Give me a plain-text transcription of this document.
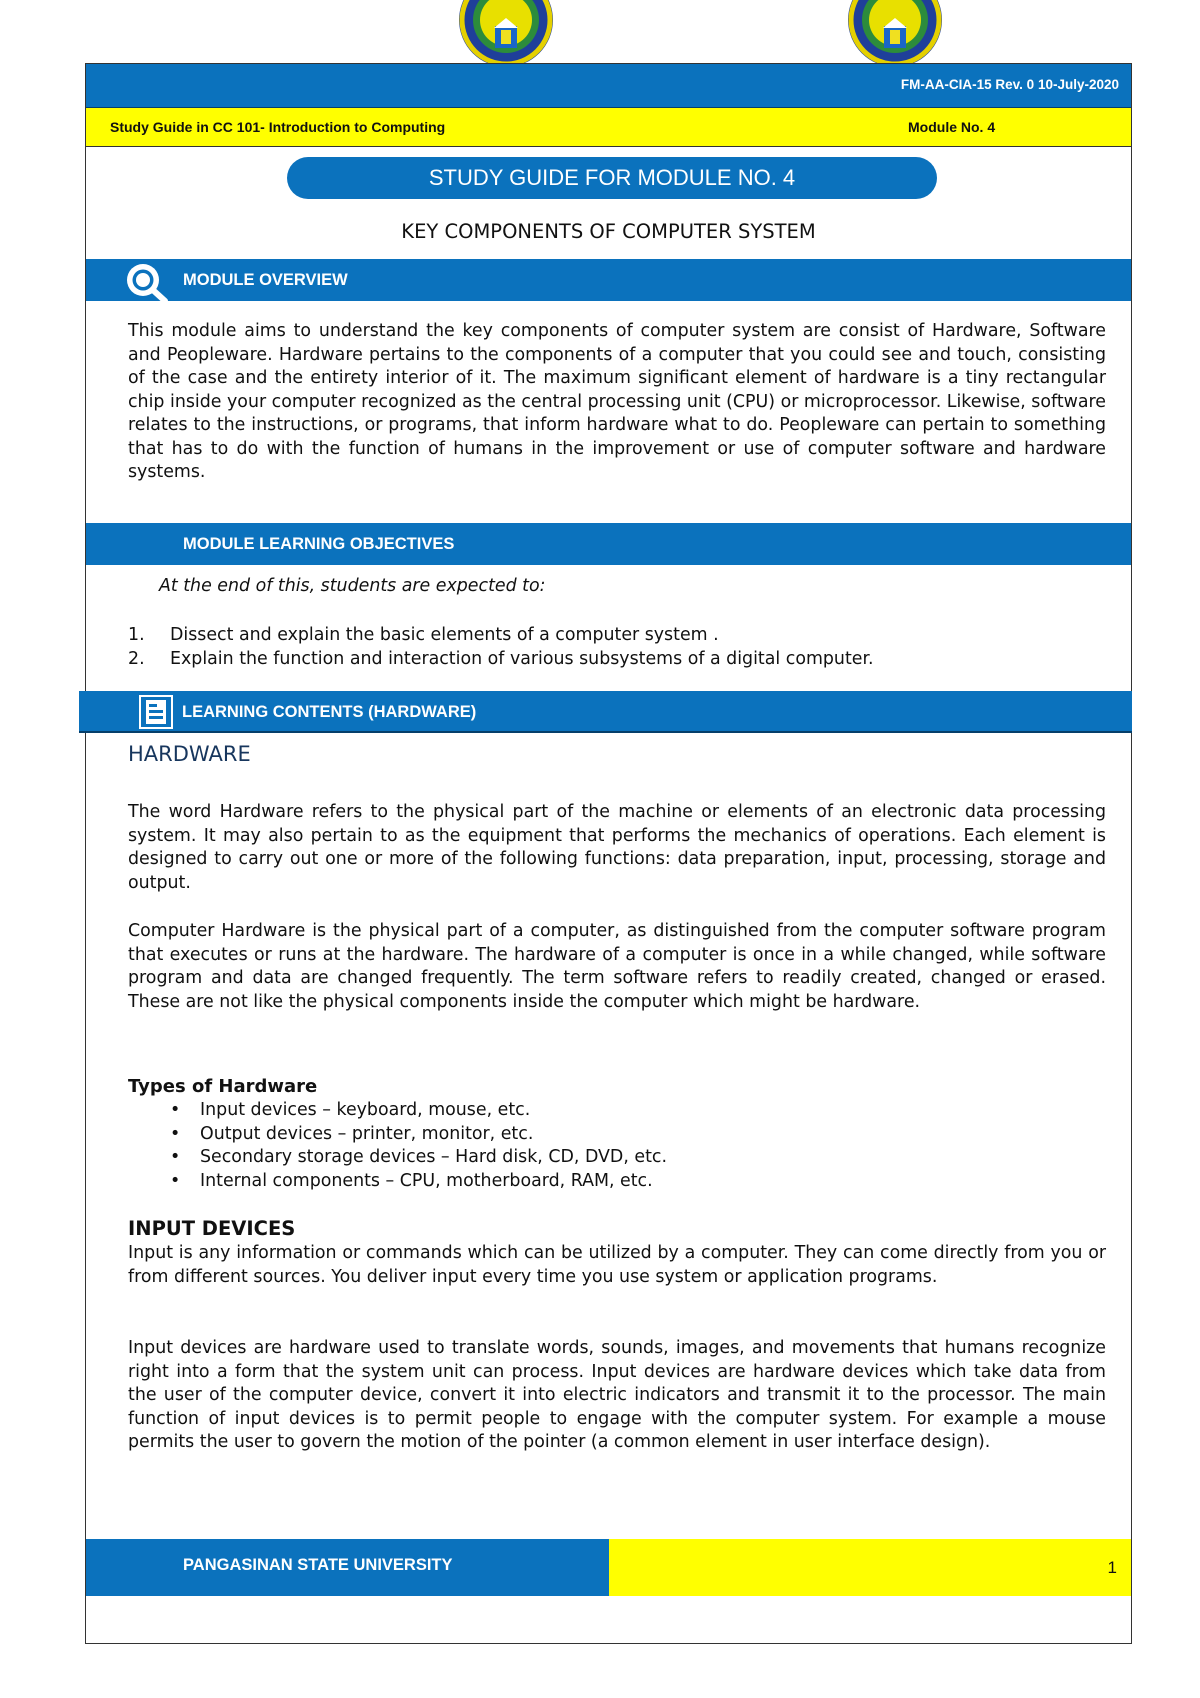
FM-AA-CIA-15 Rev. 0 10-July-2020
Study Guide in CC 101- Introduction to Computing	Module No. 4
STUDY GUIDE FOR MODULE NO. 4
KEY COMPONENTS OF COMPUTER SYSTEM
MODULE OVERVIEW

This module aims to understand the key components of computer system are consist of Hardware, Software and Peopleware. Hardware pertains to the components of a computer that you could see and touch, consisting of the case and the entirety interior of it. The maximum significant element of hardware is a tiny rectangular chip inside your computer recognized as the central processing unit (CPU) or microprocessor. Likewise, software relates to the instructions, or programs, that inform hardware what to do. Peopleware can pertain to something that has to do with the function of humans in the improvement or use of computer software and hardware systems.

MODULE LEARNING OBJECTIVES
At the end of this, students are expected to:
1. Dissect and explain the basic elements of a computer system .
2. Explain the function and interaction of various subsystems of a digital computer.
LEARNING CONTENTS (HARDWARE)
HARDWARE

The word Hardware refers to the physical part of the machine or elements of an electronic data processing system. It may also pertain to as the equipment that performs the mechanics of operations. Each element is designed to carry out one or more of the following functions: data preparation, input, processing, storage and output.

Computer Hardware is the physical part of a computer, as distinguished from the computer software program that executes or runs at the hardware. The hardware of a computer is once in a while changed, while software program and data are changed frequently. The term software refers to readily created, changed or erased. These are not like the physical components inside the computer which might be hardware.

Types of Hardware
• Input devices – keyboard, mouse, etc.
• Output devices – printer, monitor, etc.
• Secondary storage devices – Hard disk, CD, DVD, etc.
• Internal components – CPU, motherboard, RAM, etc.
INPUT DEVICES

Input is any information or commands which can be utilized by a computer. They can come directly from you or from different sources. You deliver input every time you use system or application programs.

Input devices are hardware used to translate words, sounds, images, and movements that humans recognize right into a form that the system unit can process. Input devices are hardware devices which take data from the user of the computer device, convert it into electric indicators and transmit it to the processor. The main function of input devices is to permit people to engage with the computer system. For example a mouse permits the user to govern the motion of the pointer (a common element in user interface design).

PANGASINAN STATE UNIVERSITY	1
